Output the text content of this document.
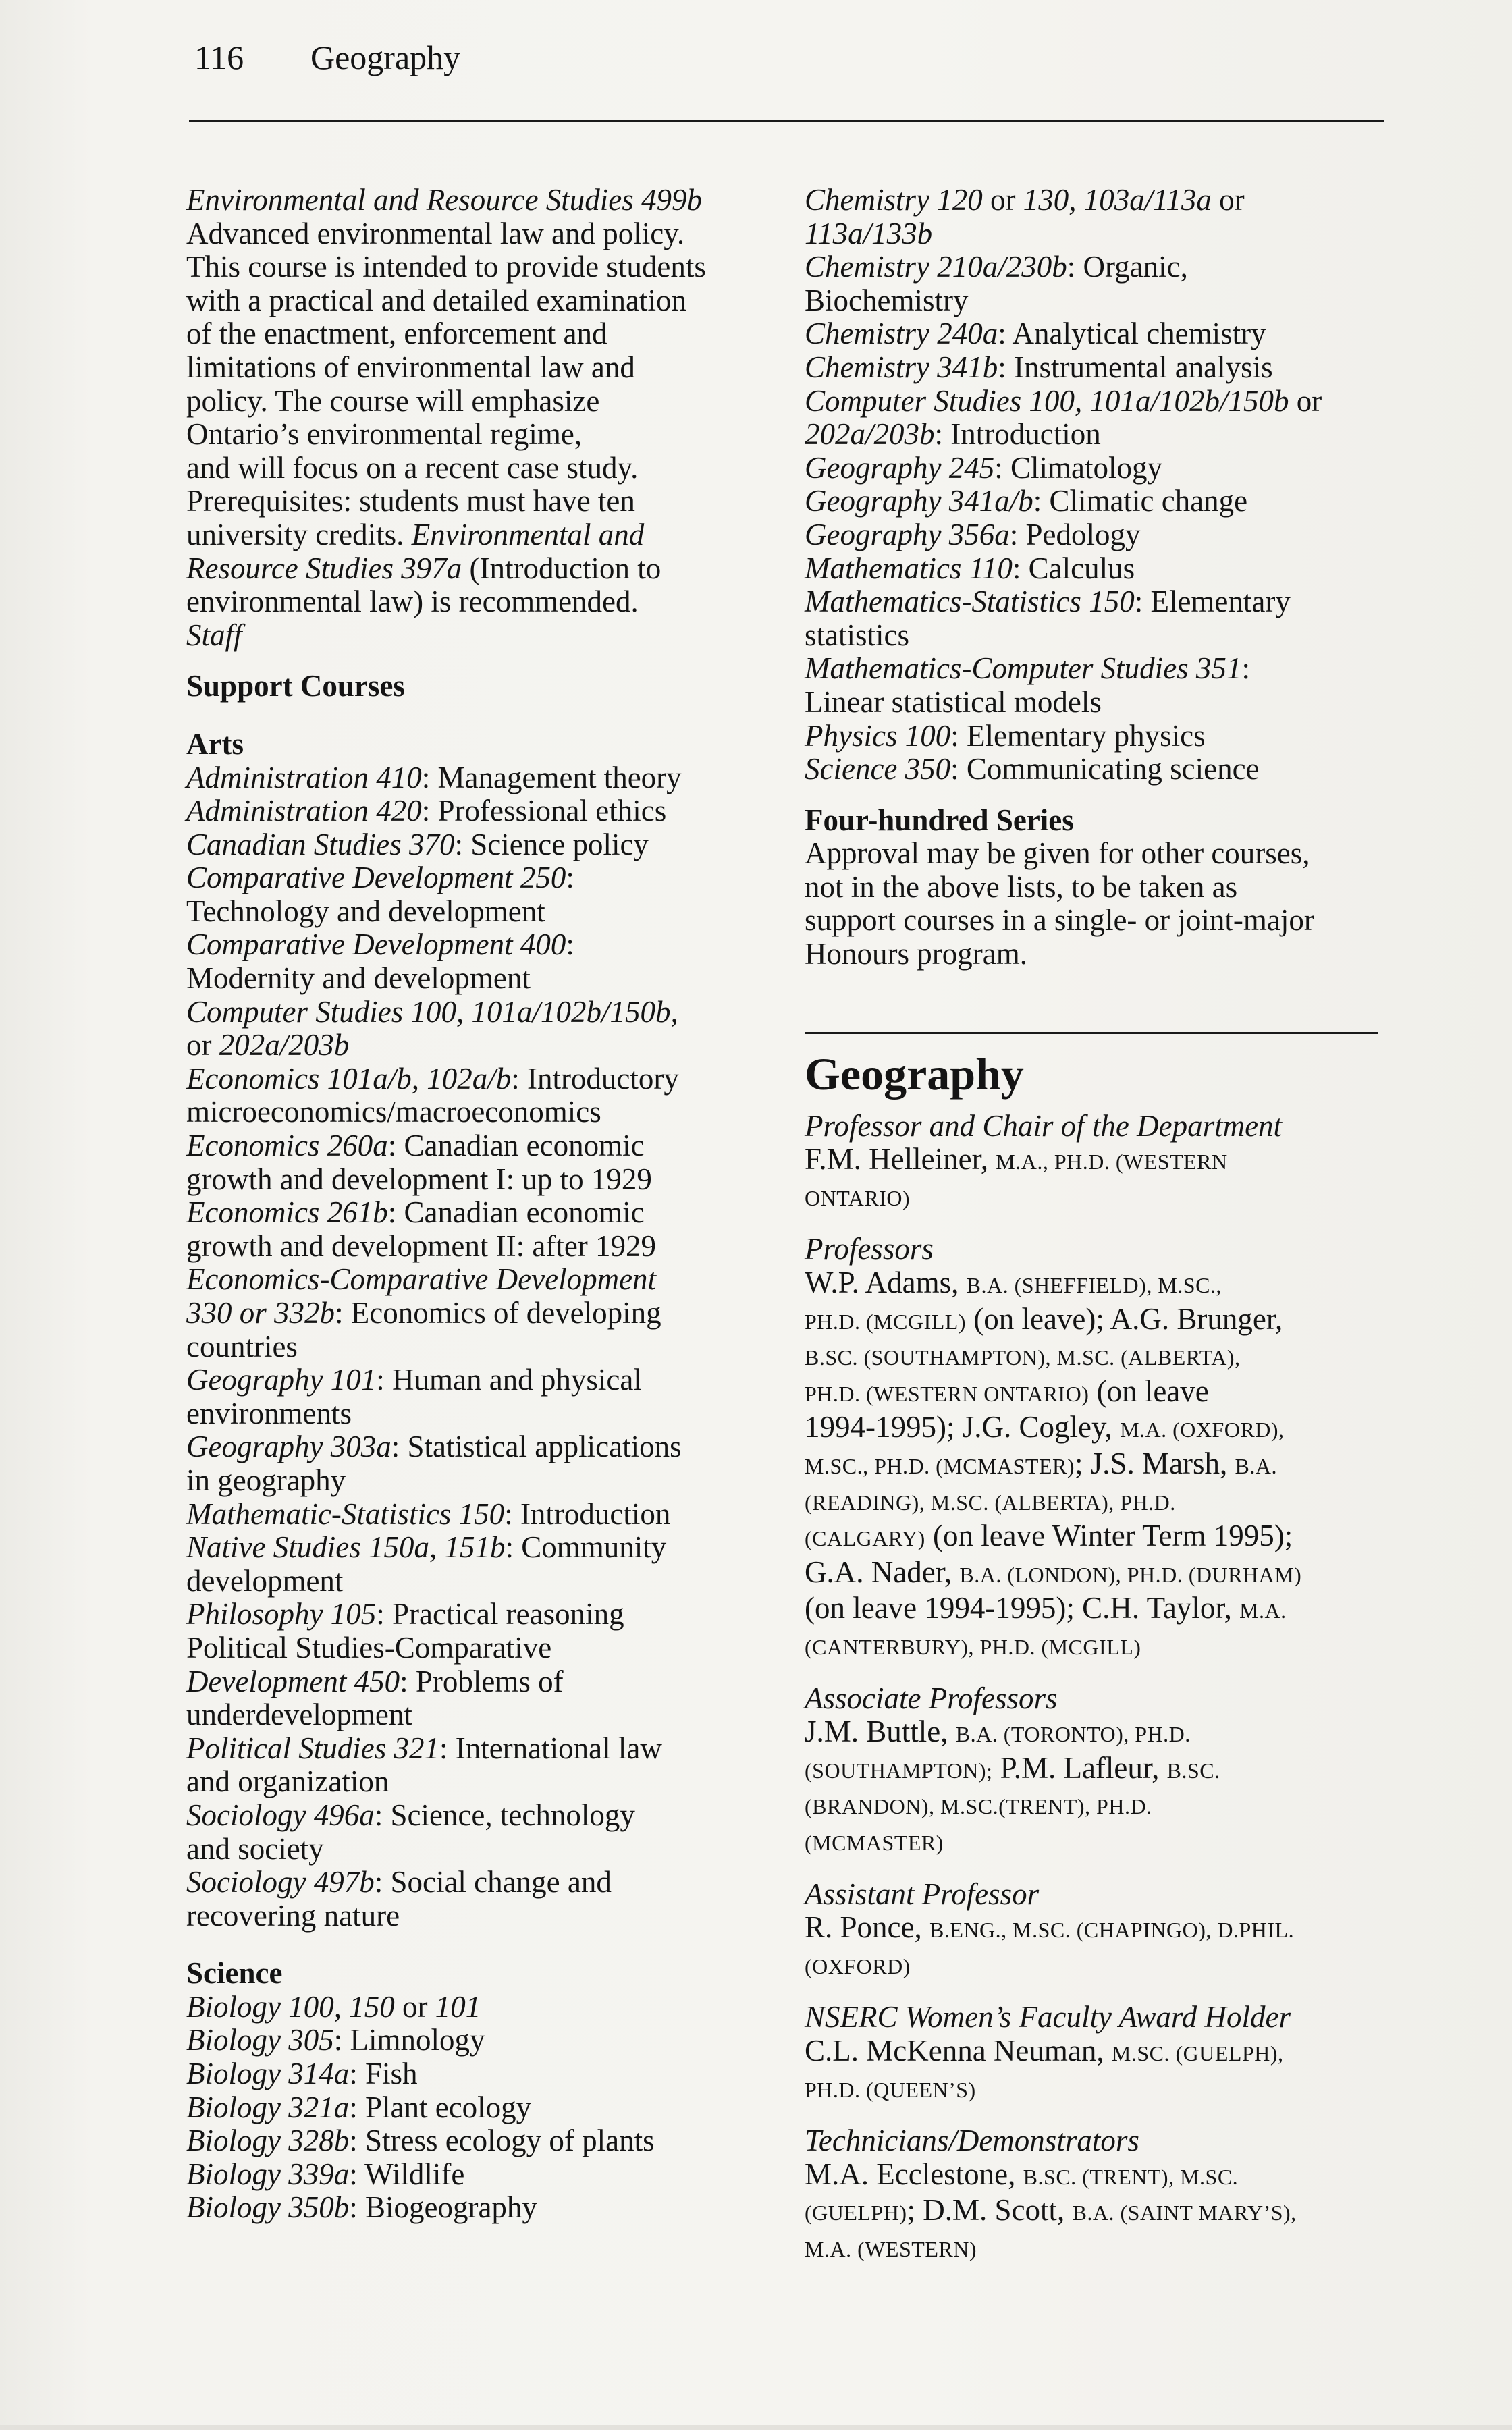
116 Geography
Environmental and Resource Studies 499b
Advanced environmental law and policy.
This course is intended to provide students
with a practical and detailed examination
of the enactment, enforcement and
limitations of environmental law and
policy. The course will emphasize
Ontario’s environmental regime,
and will focus on a recent case study.
Prerequisites: students must have ten
university credits. Environmental and
Resource Studies 397a (Introduction to
environmental law) is recommended.
Staff
Support Courses
Arts
Administration 410: Management theory
Administration 420: Professional ethics
Canadian Studies 370: Science policy
Comparative Development 250:
Technology and development
Comparative Development 400:
Modernity and development
Computer Studies 100, 101a/102b/150b,
or 202a/203b
Economics 101a/b, 102a/b: Introductory
microeconomics/macroeconomics
Economics 260a: Canadian economic
growth and development I: up to 1929
Economics 261b: Canadian economic
growth and development II: after 1929
Economics-Comparative Development
330 or 332b: Economics of developing
countries
Geography 101: Human and physical
environments
Geography 303a: Statistical applications
in geography
Mathematic-Statistics 150: Introduction
Native Studies 150a, 151b: Community
development
Philosophy 105: Practical reasoning
Political Studies-Comparative
Development 450: Problems of
underdevelopment
Political Studies 321: International law
and organization
Sociology 496a: Science, technology
and society
Sociology 497b: Social change and
recovering nature
Science
Biology 100, 150 or 101
Biology 305: Limnology
Biology 314a: Fish
Biology 321a: Plant ecology
Biology 328b: Stress ecology of plants
Biology 339a: Wildlife
Biology 350b: Biogeography
Chemistry 120 or 130, 103a/113a or
113a/133b
Chemistry 210a/230b: Organic,
Biochemistry
Chemistry 240a: Analytical chemistry
Chemistry 341b: Instrumental analysis
Computer Studies 100, 101a/102b/150b or
202a/203b: Introduction
Geography 245: Climatology
Geography 341a/b: Climatic change
Geography 356a: Pedology
Mathematics 110: Calculus
Mathematics-Statistics 150: Elementary
statistics
Mathematics-Computer Studies 351:
Linear statistical models
Physics 100: Elementary physics
Science 350: Communicating science
Four-hundred Series
Approval may be given for other courses,
not in the above lists, to be taken as
support courses in a single- or joint-major
Honours program.
Geography
Professor and Chair of the Department
F.M. Helleiner, M.A., PH.D. (WESTERN
ONTARIO)
Professors
W.P. Adams, B.A. (SHEFFIELD), M.SC.,
PH.D. (MCGILL) (on leave); A.G. Brunger,
B.SC. (SOUTHAMPTON), M.SC. (ALBERTA),
PH.D. (WESTERN ONTARIO) (on leave
1994-1995); J.G. Cogley, M.A. (OXFORD),
M.SC., PH.D. (MCMASTER); J.S. Marsh, B.A.
(READING), M.SC. (ALBERTA), PH.D.
(CALGARY) (on leave Winter Term 1995);
G.A. Nader, B.A. (LONDON), PH.D. (DURHAM)
(on leave 1994-1995); C.H. Taylor, M.A.
(CANTERBURY), PH.D. (MCGILL)
Associate Professors
J.M. Buttle, B.A. (TORONTO), PH.D.
(SOUTHAMPTON); P.M. Lafleur, B.SC.
(BRANDON), M.SC.(TRENT), PH.D.
(MCMASTER)
Assistant Professor
R. Ponce, B.ENG., M.SC. (CHAPINGO), D.PHIL.
(OXFORD)
NSERC Women’s Faculty Award Holder
C.L. McKenna Neuman, M.SC. (GUELPH),
PH.D. (QUEEN’S)
Technicians/Demonstrators
M.A. Ecclestone, B.SC. (TRENT), M.SC.
(GUELPH); D.M. Scott, B.A. (SAINT MARY’S),
M.A. (WESTERN)
